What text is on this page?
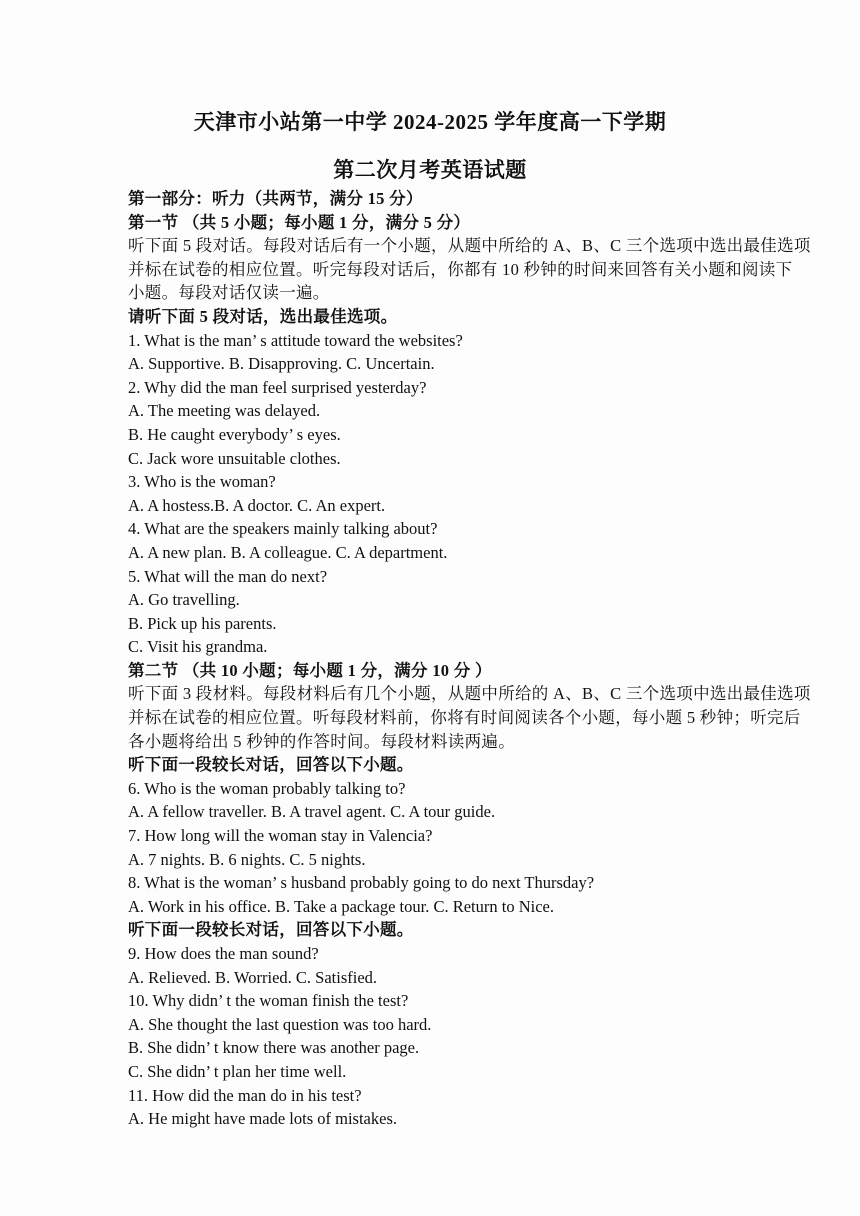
天津市小站第一中学 2024-2025 学年度高一下学期
第二次月考英语试题
第一部分：听力（共两节，满分 15 分）
第一节 （共 5 小题；每小题 1 分，满分 5 分）
听下面 5 段对话。每段对话后有一个小题，从题中所给的 A、B、C 三个选项中选出最佳选项
并标在试卷的相应位置。听完每段对话后，你都有 10 秒钟的时间来回答有关小题和阅读下
小题。每段对话仅读一遍。
请听下面 5 段对话，选出最佳选项。
1. What is the man’ s attitude toward the websites?
A. Supportive. B. Disapproving. C. Uncertain.
2. Why did the man feel surprised yesterday?
A. The meeting was delayed.
B. He caught everybody’ s eyes.
C. Jack wore unsuitable clothes.
3. Who is the woman?
A. A hostess.B. A doctor. C. An expert.
4. What are the speakers mainly talking about?
A. A new plan. B. A colleague. C. A department.
5. What will the man do next?
A. Go travelling.
B. Pick up his parents.
C. Visit his grandma.
第二节 （共 10 小题；每小题 1 分，满分 10 分 ）
听下面 3 段材料。每段材料后有几个小题，从题中所给的 A、B、C 三个选项中选出最佳选项
并标在试卷的相应位置。听每段材料前，你将有时间阅读各个小题，每小题 5 秒钟；听完后
各小题将给出 5 秒钟的作答时间。每段材料读两遍。
听下面一段较长对话，回答以下小题。
6. Who is the woman probably talking to?
A. A fellow traveller. B. A travel agent. C. A tour guide.
7. How long will the woman stay in Valencia?
A. 7 nights. B. 6 nights. C. 5 nights.
8. What is the woman’ s husband probably going to do next Thursday?
A. Work in his office. B. Take a package tour. C. Return to Nice.
听下面一段较长对话，回答以下小题。
9. How does the man sound?
A. Relieved. B. Worried. C. Satisfied.
10. Why didn’ t the woman finish the test?
A. She thought the last question was too hard.
B. She didn’ t know there was another page.
C. She didn’ t plan her time well.
11. How did the man do in his test?
A. He might have made lots of mistakes.
